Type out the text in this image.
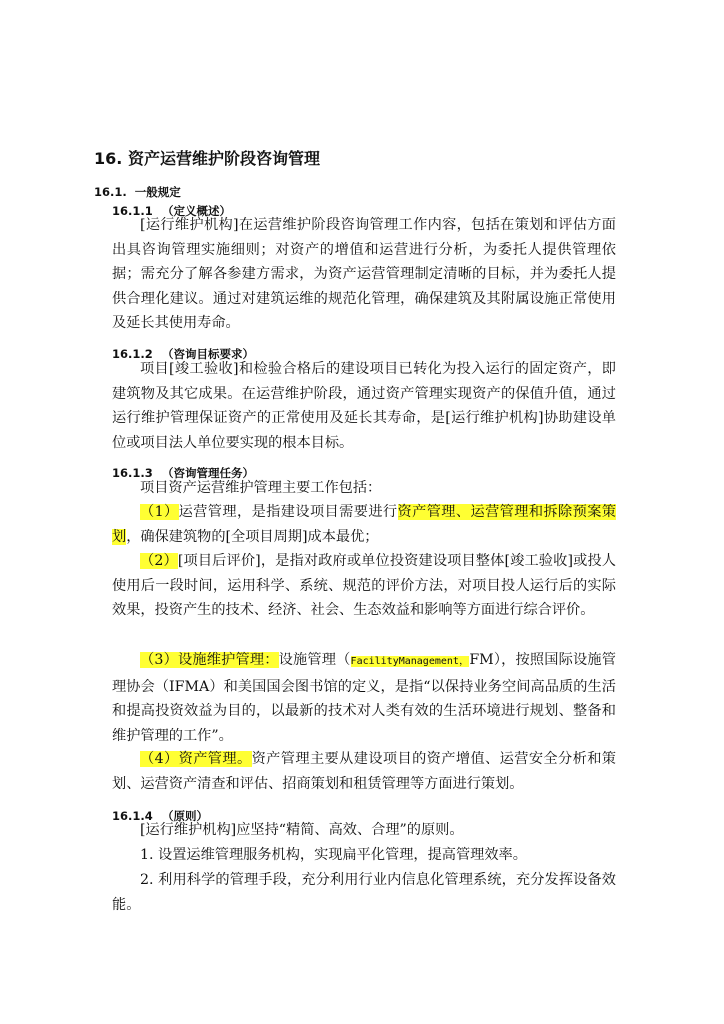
16. 资产运营维护阶段咨询管理
16.1. 一般规定
16.1.1 （定义概述）

[运行维护机构]在运营维护阶段咨询管理工作内容，包括在策划和评估方面出具咨询管理实施细则；对资产的增值和运营进行分析，为委托人提供管理依据；需充分了解各参建方需求，为资产运营管理制定清晰的目标，并为委托人提供合理化建议。通过对建筑运维的规范化管理，确保建筑及其附属设施正常使用及延长其使用寿命。

16.1.2 （咨询目标要求）

项目[竣工验收]和检验合格后的建设项目已转化为投入运行的固定资产，即建筑物及其它成果。在运营维护阶段，通过资产管理实现资产的保值升值，通过运行维护管理保证资产的正常使用及延长其寿命，是[运行维护机构]协助建设单位或项目法人单位要实现的根本目标。

16.1.3 （咨询管理任务）

项目资产运营维护管理主要工作包括：

（1）运营管理，是指建设项目需要进行资产管理、运营管理和拆除预案策划，确保建筑物的[全项目周期]成本最优；

（2）[项目后评价]，是指对政府或单位投资建设项目整体[竣工验收]或投人使用后一段时间，运用科学、系统、规范的评价方法，对项目投人运行后的实际效果，投资产生的技术、经济、社会、生态效益和影响等方面进行综合评价。

（3）设施维护管理：设施管理（FacilityManagement，FM），按照国际设施管理协会（IFMA）和美国国会图书馆的定义，是指“以保持业务空间高品质的生活和提高投资效益为目的，以最新的技术对人类有效的生活环境进行规划、整备和维护管理的工作”。

（4）资产管理。资产管理主要从建设项目的资产增值、运营安全分析和策划、运营资产清查和评估、招商策划和租赁管理等方面进行策划。

16.1.4 （原则）

[运行维护机构]应坚持“精简、高效、合理”的原则。

1. 设置运维管理服务机构，实现扁平化管理，提高管理效率。

2. 利用科学的管理手段，充分利用行业内信息化管理系统，充分发挥设备效能。
